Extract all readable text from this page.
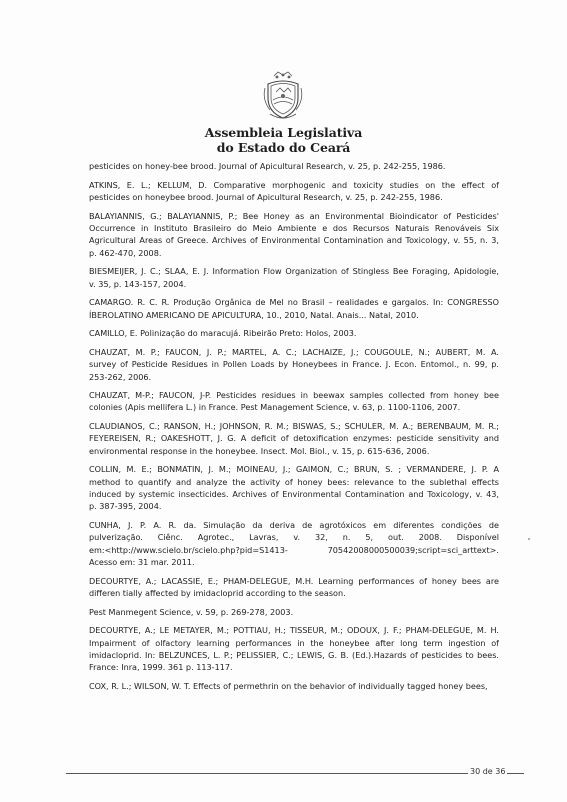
Assembleia Legislativa
do Estado do Ceará
pesticides on honey-bee brood. Journal of Apicultural Research, v. 25, p. 242-255, 1986.
ATKINS, E. L.; KELLUM, D. Comparative morphogenic and toxicity studies on the effect of
pesticides on honeybee brood. Journal of Apicultural Research, v. 25, p. 242-255, 1986.
BALAYIANNIS, G.; BALAYIANNIS, P.; Bee Honey as an Environmental Bioindicator of Pesticides'
Occurrence in Instituto Brasileiro do Meio Ambiente e dos Recursos Naturais Renováveis Six
Agricultural Areas of Greece. Archives of Environmental Contamination and Toxicology, v. 55, n. 3,
p. 462-470, 2008.
BIESMEIJER, J. C.; SLAA, E. J. Information Flow Organization of Stingless Bee Foraging, Apidologie,
v. 35, p. 143-157, 2004.
CAMARGO. R. C. R. Produção Orgânica de Mel no Brasil – realidades e gargalos. In: CONGRESSO
ÍBEROLATINO AMERICANO DE APICULTURA, 10., 2010, Natal. Anais... Natal, 2010.
CAMILLO, E. Polinização do maracujá. Ribeirão Preto: Holos, 2003.
CHAUZAT, M. P.; FAUCON, J. P.; MARTEL, A. C.; LACHAIZE, J.; COUGOULE, N.; AUBERT, M. A.
survey of Pesticide Residues in Pollen Loads by Honeybees in France. J. Econ. Entomol., n. 99, p.
253-262, 2006.
CHAUZAT, M-P.; FAUCON, J-P. Pesticides residues in beewax samples collected from honey bee
colonies (Apis mellifera L.) in France. Pest Management Science, v. 63, p. 1100-1106, 2007.
CLAUDIANOS, C.; RANSON, H.; JOHNSON, R. M.; BISWAS, S.; SCHULER, M. A.; BERENBAUM, M. R.;
FEYEREISEN, R.; OAKESHOTT, J. G. A deficit of detoxification enzymes: pesticide sensitivity and
environmental response in the honeybee. Insect. Mol. Biol., v. 15, p. 615-636, 2006.
COLLIN, M. E.; BONMATIN, J. M.; MOINEAU, J.; GAIMON, C.; BRUN, S. ; VERMANDERE, J. P. A
method to quantify and analyze the activity of honey bees: relevance to the sublethal effects
induced by systemic insecticides. Archives of Environmental Contamination and Toxicology, v. 43,
p. 387-395, 2004.
CUNHA, J. P. A. R. da. Simulação da deriva de agrotóxicos em diferentes condições de
pulverização. Ciênc. Agrotec., Lavras, v. 32, n. 5, out. 2008. Disponível
em:<http://www.scielo.br/scielo.php?pid=S1413- 70542008000500039;script=sci_arttext>.
Acesso em: 31 mar. 2011.
DECOURTYE, A.; LACASSIE, E.; PHAM-DELEGUE, M.H. Learning performances of honey bees are
differen tially affected by imidacloprid according to the season.
Pest Manmegent Science, v. 59, p. 269-278, 2003.
DECOURTYE, A.; LE METAYER, M.; POTTIAU, H.; TISSEUR, M.; ODOUX, J. F.; PHAM-DELEGUE, M. H.
Impairment of olfactory learning performances in the honeybee after long term ingestion of
imidacloprid. In: BELZUNCES, L. P.; PELISSIER, C.; LEWIS, G. B. (Ed.).Hazards of pesticides to bees.
France: Inra, 1999. 361 p. 113-117.
COX, R. L.; WILSON, W. T. Effects of permethrin on the behavior of individually tagged honey bees,
30 de 36
